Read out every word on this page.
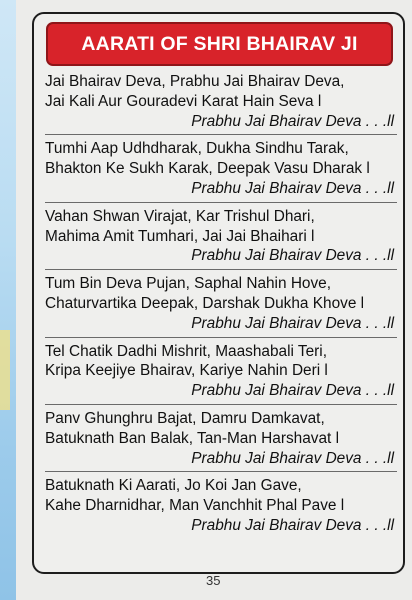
AARATI OF SHRI BHAIRAV JI
Jai Bhairav Deva, Prabhu Jai Bhairav Deva,
Jai Kali Aur Gouradevi Karat Hain Seva l
Prabhu Jai Bhairav Deva . . .ll
Tumhi Aap Udhdharak, Dukha Sindhu Tarak,
Bhakton Ke Sukh Karak, Deepak Vasu Dharak l
Prabhu Jai Bhairav Deva . . .ll
Vahan Shwan Virajat, Kar Trishul Dhari,
Mahima Amit Tumhari, Jai Jai Bhaihari l
Prabhu Jai Bhairav Deva . . .ll
Tum Bin Deva Pujan, Saphal Nahin Hove,
Chaturvartika Deepak, Darshak Dukha Khove l
Prabhu Jai Bhairav Deva . . .ll
Tel Chatik Dadhi Mishrit, Maashabali Teri,
Kripa Keejiye Bhairav, Kariye Nahin Deri l
Prabhu Jai Bhairav Deva . . .ll
Panv Ghunghru Bajat, Damru Damkavat,
Batuknath Ban Balak, Tan-Man Harshavat l
Prabhu Jai Bhairav Deva . . .ll
Batuknath Ki Aarati, Jo Koi Jan Gave,
Kahe Dharnidhar, Man Vanchhit Phal Pave l
Prabhu Jai Bhairav Deva . . .ll
35
